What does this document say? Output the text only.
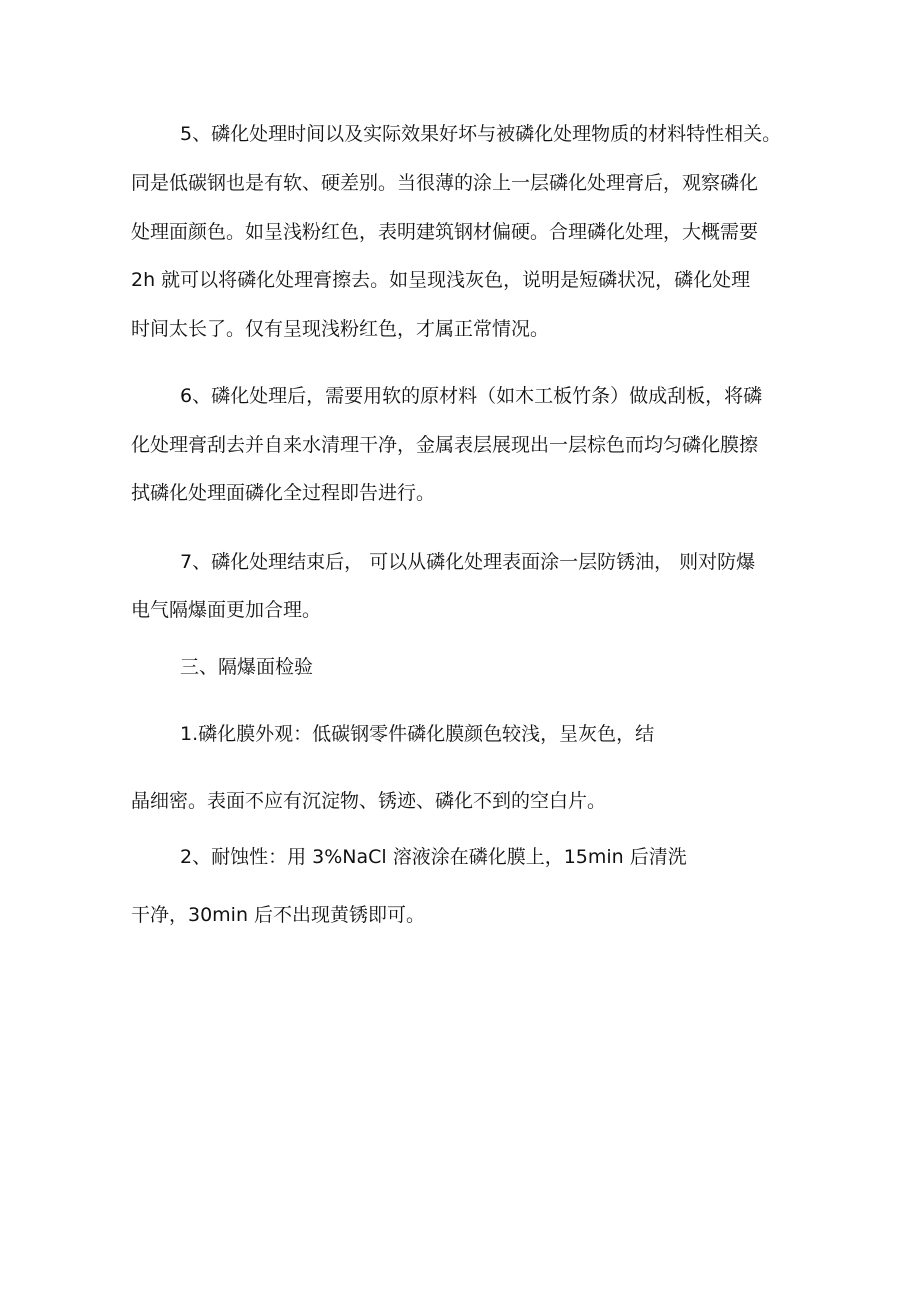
5、磷化处理时间以及实际效果好坏与被磷化处理物质的材料特性相关。
同是低碳钢也是有软、硬差别。当很薄的涂上一层磷化处理膏后，观察磷化
处理面颜色。如呈浅粉红色，表明建筑钢材偏硬。合理磷化处理，大概需要
2h 就可以将磷化处理膏擦去。如呈现浅灰色，说明是短磷状况，磷化处理
时间太长了。仅有呈现浅粉红色，才属正常情况。
6、磷化处理后，需要用软的原材料（如木工板竹条）做成刮板，将磷
化处理膏刮去并自来水清理干净，金属表层展现出一层棕色而均匀磷化膜擦
拭磷化处理面磷化全过程即告进行。
7、磷化处理结束后， 可以从磷化处理表面涂一层防锈油， 则对防爆
电气隔爆面更加合理。
三、隔爆面检验
1.磷化膜外观：低碳钢零件磷化膜颜色较浅，呈灰色，结
晶细密。表面不应有沉淀物、锈迹、磷化不到的空白片。
2、耐蚀性：用 3%NaCl 溶液涂在磷化膜上，15min 后清洗
干净，30min 后不出现黄锈即可。
